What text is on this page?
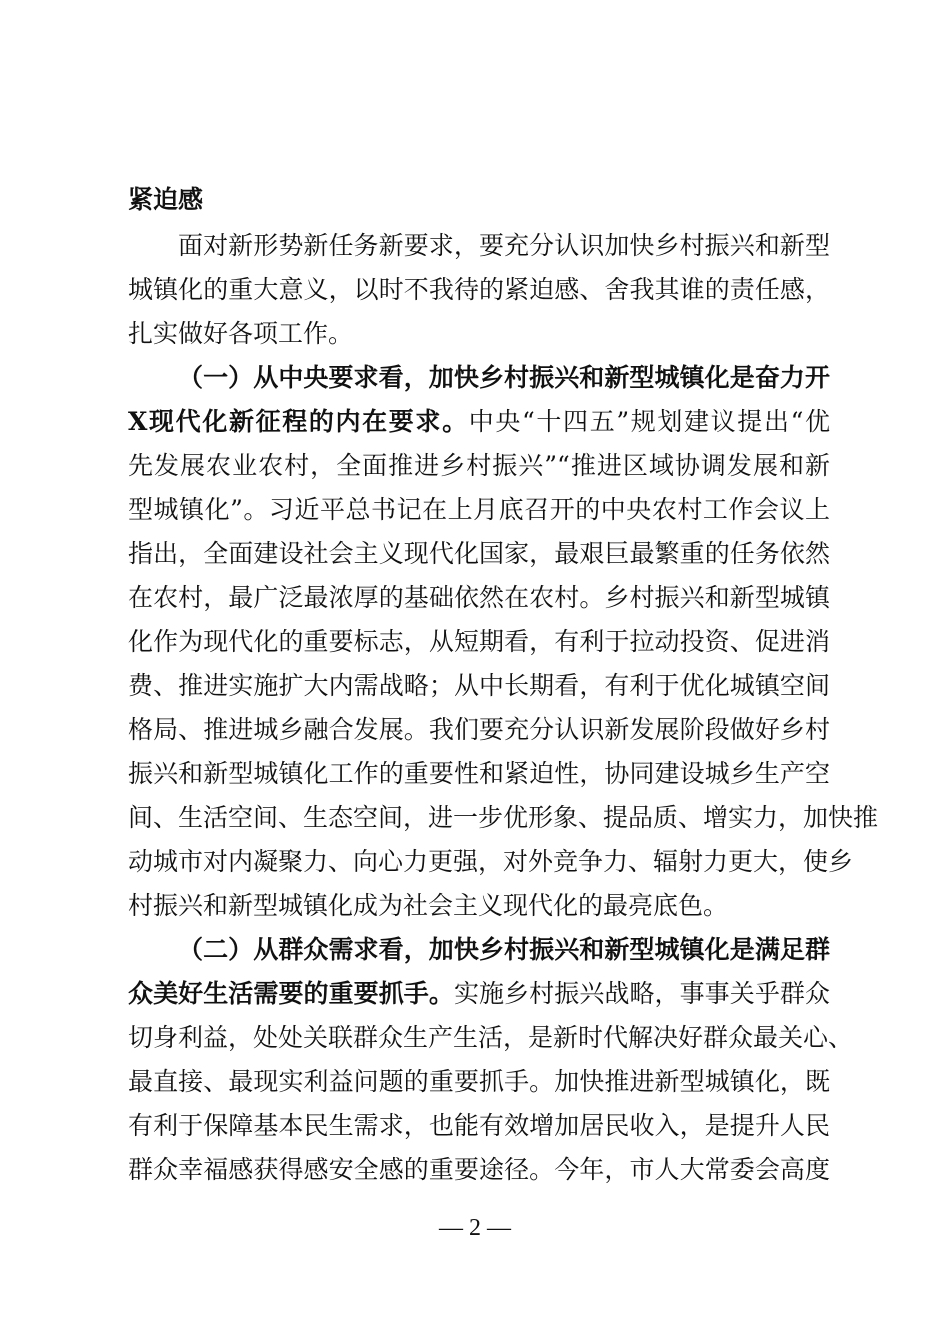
紧迫感
面对新形势新任务新要求，要充分认识加快乡村振兴和新型
城镇化的重大意义，以时不我待的紧迫感、舍我其谁的责任感，
扎实做好各项工作。
（一）从中央要求看，加快乡村振兴和新型城镇化是奋力开
X现代化新征程的内在要求。中央“十四五”规划建议提出“优
先发展农业农村，全面推进乡村振兴”“推进区域协调发展和新
型城镇化”。习近平总书记在上月底召开的中央农村工作会议上
指出，全面建设社会主义现代化国家，最艰巨最繁重的任务依然
在农村，最广泛最浓厚的基础依然在农村。乡村振兴和新型城镇
化作为现代化的重要标志，从短期看，有利于拉动投资、促进消
费、推进实施扩大内需战略；从中长期看，有利于优化城镇空间
格局、推进城乡融合发展。我们要充分认识新发展阶段做好乡村
振兴和新型城镇化工作的重要性和紧迫性，协同建设城乡生产空
间、生活空间、生态空间，进一步优形象、提品质、增实力，加快推
动城市对内凝聚力、向心力更强，对外竞争力、辐射力更大，使乡
村振兴和新型城镇化成为社会主义现代化的最亮底色。
（二）从群众需求看，加快乡村振兴和新型城镇化是满足群
众美好生活需要的重要抓手。实施乡村振兴战略，事事关乎群众
切身利益，处处关联群众生产生活，是新时代解决好群众最关心、
最直接、最现实利益问题的重要抓手。加快推进新型城镇化，既
有利于保障基本民生需求，也能有效增加居民收入，是提升人民
群众幸福感获得感安全感的重要途径。今年，市人大常委会高度
— 2 —
